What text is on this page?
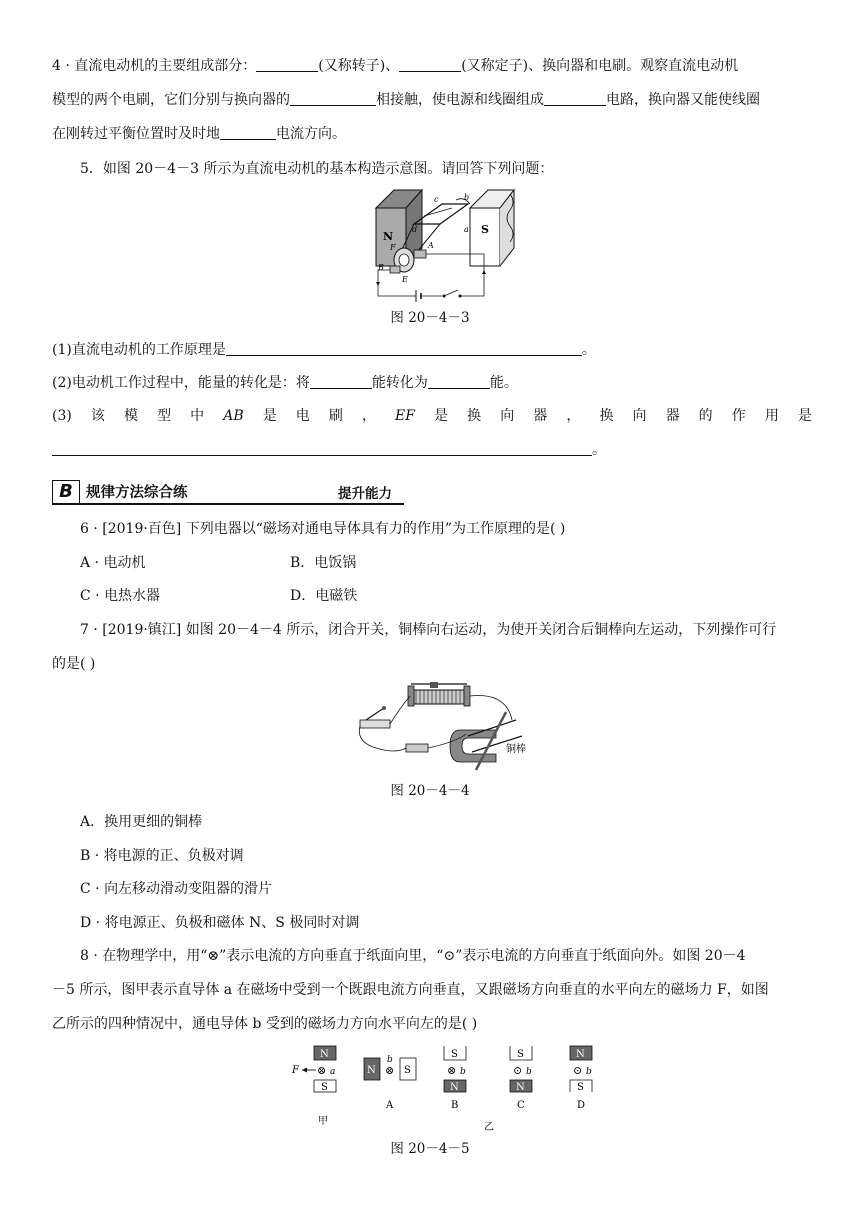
4 · 直流电动机的主要组成部分：	(又称转子)、	(又称定子)、换向器和电刷。观察直流电动机
模型的两个电刷，它们分别与换向器的	相接触，使电源和线圈组成	电路，换向器又能使线圈
在刚转过平衡位置时及时地	电流方向。
5．如图 20－4－3 所示为直流电动机的基本构造示意图。请回答下列问题：
N
S
c	b
d	a
F	A
B
E
图 20－4－3
(1)直流电动机的工作原理是	。
(2)电动机工作过程中，能量的转化是：将	能转化为	能。
(3) 该 模 型 中 AB 是 电 刷 ， EF 是 换 向 器 ， 换 向 器 的 作 用 是
。
B 规律方法综合练	提升能力
6 · [2019·百色] 下列电器以“磁场对通电导体具有力的作用”为工作原理的是( )
A · 电动机	B．电饭锅
C · 电热水器	D．电磁铁
7 · [2019·镇江] 如图 20－4－4 所示，闭合开关，铜棒向右运动，为使开关闭合后铜棒向左运动，下列操作可行
的是( )
铜棒
图 20－4－4
A．换用更细的铜棒
B · 将电源的正、负极对调
C · 向左移动滑动变阻器的滑片
D · 将电源正、负极和磁体 N、S 极同时对调
8 · 在物理学中，用“⊗”表示电流的方向垂直于纸面向里，“⊙”表示电流的方向垂直于纸面向外。如图 20－4
－5 所示，图甲表示直导体 a 在磁场中受到一个既跟电流方向垂直，又跟磁场方向垂直的水平向左的磁场力 F，如图
乙所示的四种情况中，通电导体 b 受到的磁场力方向水平向左的是( )
N
F ⊗ a
S
甲
N ⊗
b
S
A
S
⊗ b
N
B
S
⊙ b
N
C
N
⊙ b
S
D
乙
图 20－4－5
